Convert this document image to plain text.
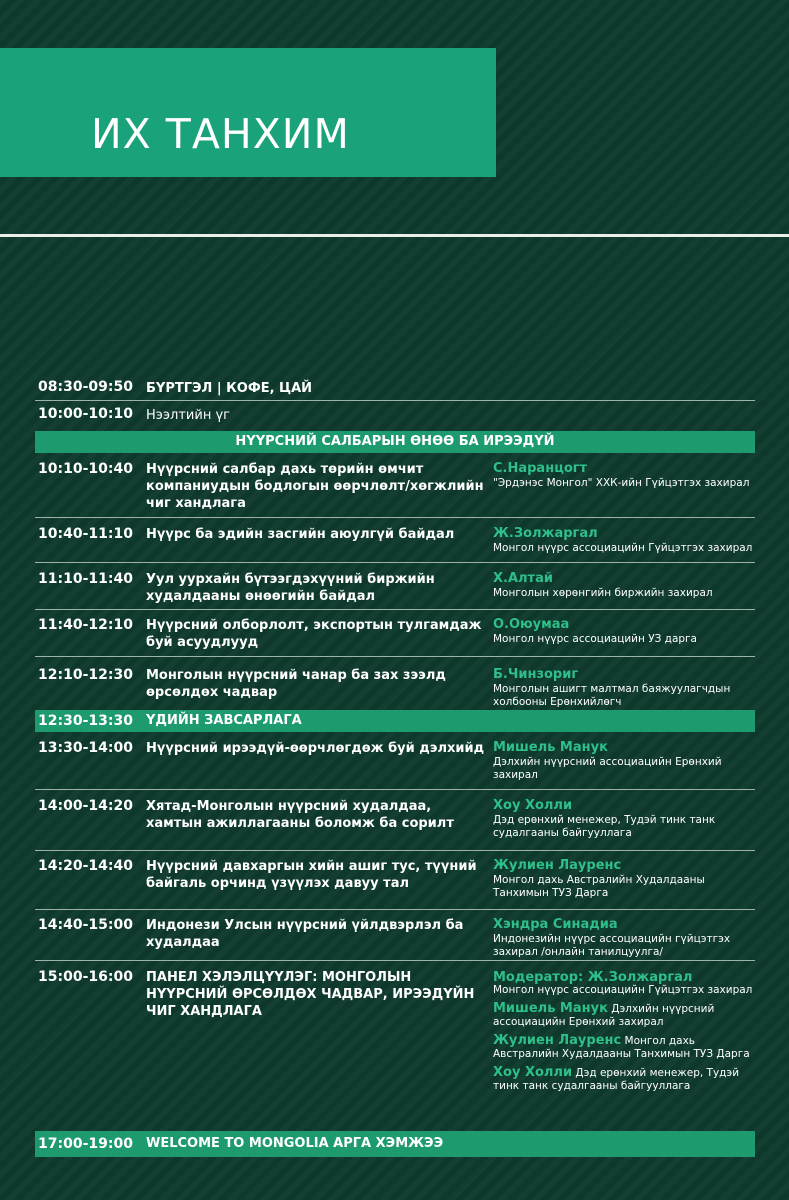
ИХ ТАНХИМ
08:30-09:50 БҮРТГЭЛ | КОФЕ, ЦАЙ
10:00-10:10 Нээлтийн үг
НҮҮРСНИЙ САЛБАРЫН ӨНӨӨ БА ИРЭЭДҮЙ
10:10-10:40 Нүүрсний салбар дахь төрийн өмчит компаниудын бодлогын өөрчлөлт/хөгжлийн чиг хандлага
С.Наранцогт
"Эрдэнэс Монгол" ХХК-ийн Гүйцэтгэх захирал
10:40-11:10 Нүүрс ба эдийн засгийн аюулгүй байдал	Ж.Золжаргал
Монгол нүүрс ассоциацийн Гүйцэтгэх захирал
11:10-11:40 Уул уурхайн бүтээгдэхүүний биржийн худалдааны өнөөгийн байдал
Х.Алтай
Монголын хөрөнгийн биржийн захирал
11:40-12:10 Нүүрсний олборлолт, экспортын тулгамдаж буй асуудлууд
О.Оюумаа
Монгол нүүрс ассоциацийн УЗ дарга
12:10-12:30 Монголын нүүрсний чанар ба зах зээлд өрсөлдөх чадвар
Б.Чинзориг
Монголын ашигт малтмал баяжуулагчдын холбооны Ерөнхийлөгч
12:30-13:30 ҮДИЙН ЗАВСАРЛАГА
13:30-14:00 Нүүрсний ирээдүй-өөрчлөгдөж буй дэлхийд Мишель Манук
Дэлхийн нүүрсний ассоциацийн Ерөнхий захирал
14:00-14:20 Хятад-Монголын нүүрсний худалдаа, хамтын ажиллагааны боломж ба сорилт
Хоу Холли
Дэд ерөнхий менежер, Тудэй тинк танк судалгааны байгууллага
14:20-14:40 Нүүрсний давхаргын хийн ашиг тус, түүний байгаль орчинд үзүүлэх давуу тал
Жулиен Лауренс
Монгол дахь Австралийн Худалдааны Танхимын ТУЗ Дарга
14:40-15:00 Индонези Улсын нүүрсний үйлдвэрлэл ба худалдаа
Хэндра Синадиа
Индонезийн нүүрс ассоциацийн гүйцэтгэх захирал /онлайн танилцуулга/
15:00-16:00 ПАНЕЛ ХЭЛЭЛЦҮҮЛЭГ: МОНГОЛЫН НҮҮРСНИЙ ӨРСӨЛДӨХ ЧАДВАР, ИРЭЭДҮЙН ЧИГ ХАНДЛАГА
Модератор: Ж.Золжаргал
Монгол нүүрс ассоциацийн Гүйцэтгэх захирал
Мишель Манук Дэлхийн нүүрсний ассоциацийн Ерөнхий захирал
Жулиен Лауренс Монгол дахь Австралийн Худалдааны Танхимын ТУЗ Дарга
Хоу Холли Дэд ерөнхий менежер, Тудэй тинк танк судалгааны байгууллага
17:00-19:00 WELCOME TO MONGOLIA АРГА ХЭМЖЭЭ
